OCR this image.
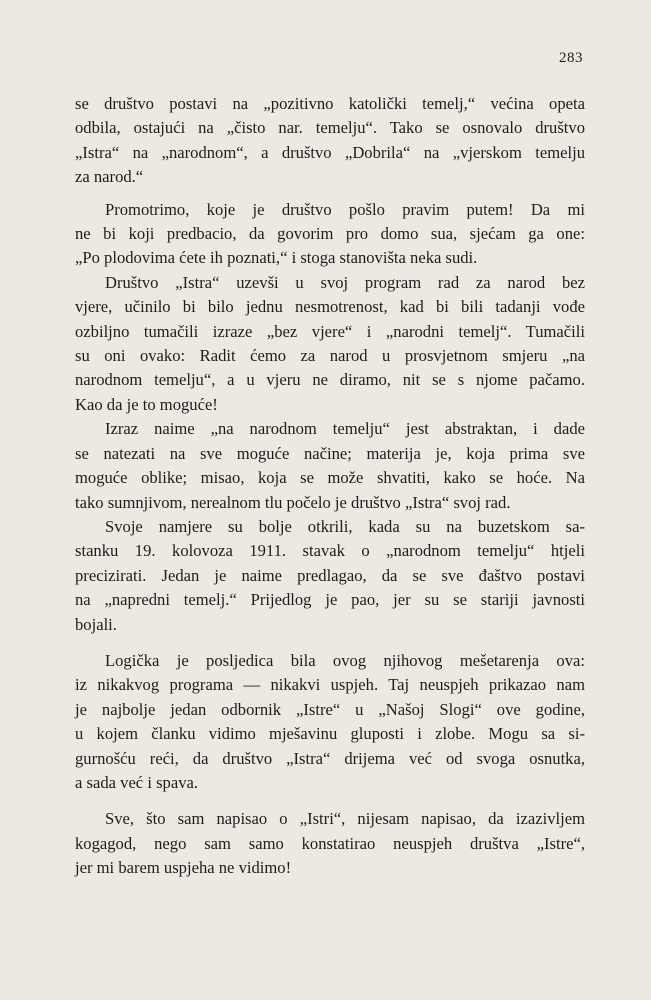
283
se društvo postavi na „pozitivno katolički temelj,“ većina opeta
odbila, ostajući na „čisto nar. temelju“. Tako se osnovalo društvo
„Istra“ na „narodnom“, a društvo „Dobrila“ na „vjerskom temelju
za narod.“
Promotrimo, koje je društvo pošlo pravim putem! Da mi
ne bi koji predbacio, da govorim pro domo sua, sjećam ga one:
„Po plodovima ćete ih poznati,“ i stoga stanovišta neka sudi.
Društvo „Istra“ uzevši u svoj program rad za narod bez
vjere, učinilo bi bilo jednu nesmotrenost, kad bi bili tadanji vođe
ozbiljno tumačili izraze „bez vjere“ i „narodni temelj“. Tumačili
su oni ovako: Radit ćemo za narod u prosvjetnom smjeru „na
narodnom temelju“, a u vjeru ne diramo, nit se s njome pačamo.
Kao da je to moguće!
Izraz naime „na narodnom temelju“ jest abstraktan, i dade
se natezati na sve moguće načine; materija je, koja prima sve
moguće oblike; misao, koja se može shvatiti, kako se hoće. Na
tako sumnjivom, nerealnom tlu počelo je društvo „Istra“ svoj rad.
Svoje namjere su bolje otkrili, kada su na buzetskom sa-
stanku 19. kolovoza 1911. stavak o „narodnom temelju“ htjeli
precizirati. Jedan je naime predlagao, da se sve đaštvo postavi
na „napredni temelj.“ Prijedlog je pao, jer su se stariji javnosti
bojali.
Logička je posljedica bila ovog njihovog mešetarenja ova:
iz nikakvog programa — nikakvi uspjeh. Taj neuspjeh prikazao nam
je najbolje jedan odbornik „Istre“ u „Našoj Slogi“ ove godine,
u kojem članku vidimo mješavinu gluposti i zlobe. Mogu sa si-
gurnošću reći, da društvo „Istra“ drijema već od svoga osnutka,
a sada već i spava.
Sve, što sam napisao o „Istri“, nijesam napisao, da izazivljem
kogagod, nego sam samo konstatirao neuspjeh društva „Istre“,
jer mi barem uspjeha ne vidimo!
